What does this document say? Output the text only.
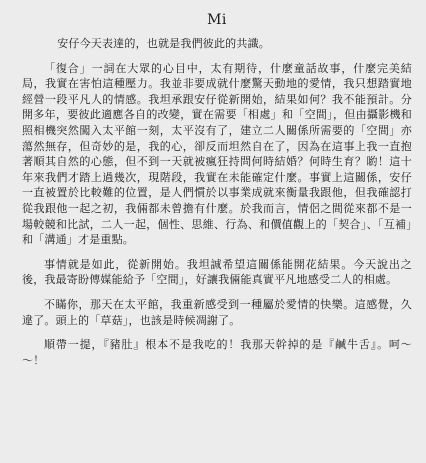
Mi

安仔今天表達的，也就是我們彼此的共識。

「復合」一詞在大眾的心目中，太有期待，什麼童話故事，什麼完美結局，我實在害怕這種壓力。我並非要成就什麼驚天動地的愛情，我只想踏實地經營一段平凡人的情感。我坦承跟安仔從新開始，結果如何？我不能預計。分開多年，要彼此適應各自的改變，實在需要「相處」和「空間」，但由攝影機和照相機突然闖入太平館一刻，太平沒有了，建立二人關係所需要的「空間」亦蕩然無存，但奇妙的是，我的心，卻反而坦然自在了，因為在這事上我一直抱著順其自然的心態，但不到一天就被瘋狂持問何時結婚？何時生育？喲！這十年來我們才踏上過幾次，現階段，我實在未能確定什麼。事實上這關係，安仔一直被置於比較難的位置，是人們慣於以事業成就來衡量我跟他，但我確認打從我跟他一起之初，我倆都未曾擔有什麼。於我而言，情侶之間從來都不是一場較競和比試，二人一起，個性、思維、行為、和價值觀上的「契合」、「互補」和「溝通」才是重點。

事情就是如此，從新開始。我坦誠希望這關係能開花結果。今天說出之後，我最寄盼傳媒能給予「空間」，好讓我倆能真實平凡地感受二人的相處。

不瞞你，那天在太平館，我重新感受到一種屬於愛情的快樂。這感覺，久違了。頭上的「草菇」，也該是時候凋謝了。

順帶一提，『豬肚』根本不是我吃的！我那天幹掉的是『鹹牛舌』。呵～～！
